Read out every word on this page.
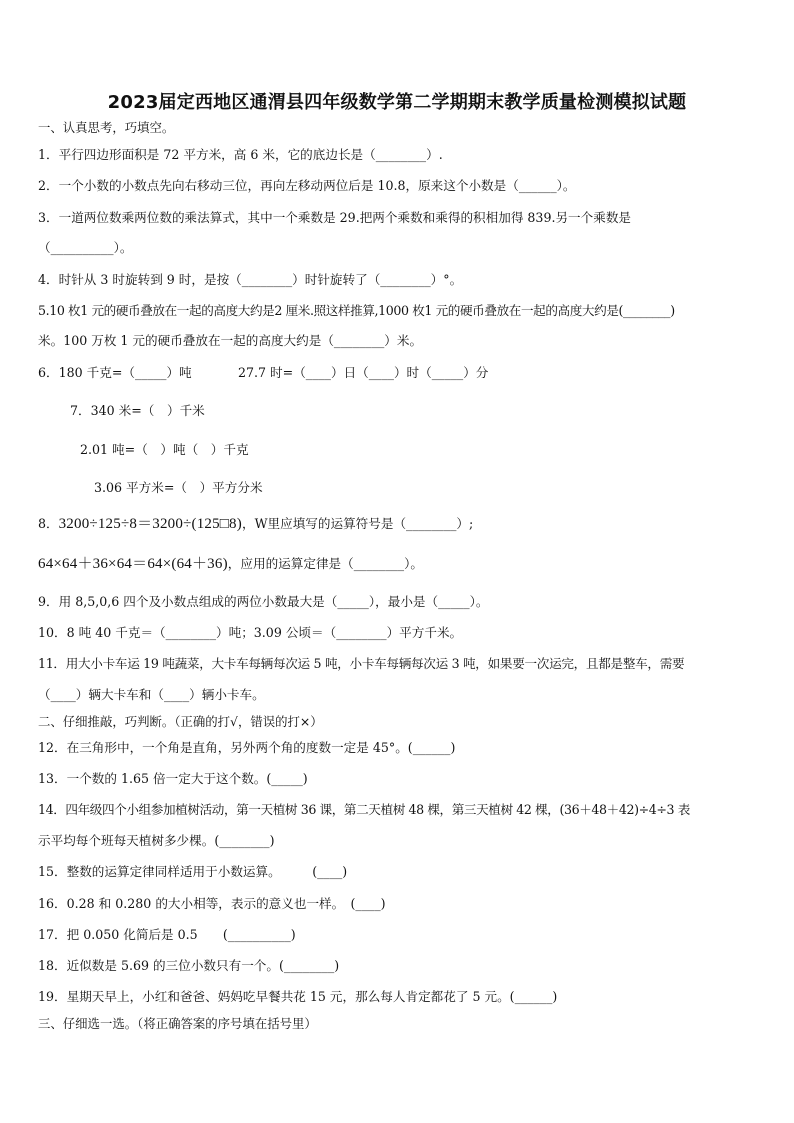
2023届定西地区通渭县四年级数学第二学期期末教学质量检测模拟试题
一、认真思考，巧填空。
1．平行四边形面积是 72 平方米，高 6 米，它的底边长是（________）.
2．一个小数的小数点先向右移动三位，再向左移动两位后是 10.8，原来这个小数是（______）。
3．一道两位数乘两位数的乘法算式，其中一个乘数是 29.把两个乘数和乘得的积相加得 839.另一个乘数是
（__________）。
4．时针从 3 时旋转到 9 时，是按（________）时针旋转了（________）°。
5.10 枚1 元的硬币叠放在一起的高度大约是2 厘米.照这样推算,1000 枚1 元的硬币叠放在一起的高度大约是(________)
米。100 万枚 1 元的硬币叠放在一起的高度大约是（________）米。
6．180 千克=（_____）吨	27.7 时=（____）日（____）时（_____）分
7．340 米=（　）千米
2.01 吨=（　）吨（　）千克
3.06 平方米=（　）平方分米
8．3200÷125÷8＝3200÷(125□8)，W里应填写的运算符号是（________）;
64×64＋36×64＝64×(64＋36)，应用的运算定律是（________）。
9．用 8,5,0,6 四个及小数点组成的两位小数最大是（_____），最小是（_____）。
10．8 吨 40 千克＝（________）吨；3.09 公顷＝（________）平方千米。
11．用大小卡车运 19 吨蔬菜，大卡车每辆每次运 5 吨，小卡车每辆每次运 3 吨，如果要一次运完，且都是整车，需要
（____）辆大卡车和（____）辆小卡车。
二、仔细推敲，巧判断。（正确的打√，错误的打×）
12．在三角形中，一个角是直角，另外两个角的度数一定是 45°。(______)
13．一个数的 1.65 倍一定大于这个数。(_____)
14．四年级四个小组参加植树活动，第一天植树 36 课，第二天植树 48 棵，第三天植树 42 棵，(36＋48＋42)÷4÷3 表
示平均每个班每天植树多少棵。(________)
15．整数的运算定律同样适用于小数运算。　　　(____)
16．0.28 和 0.280 的大小相等，表示的意义也一样。　(____)
17．把 0.050 化简后是 0.5　　(__________)
18．近似数是 5.69 的三位小数只有一个。(________)
19．星期天早上，小红和爸爸、妈妈吃早餐共花 15 元，那么每人肯定都花了 5 元。(______)
三、仔细选一选。（将正确答案的序号填在括号里）
